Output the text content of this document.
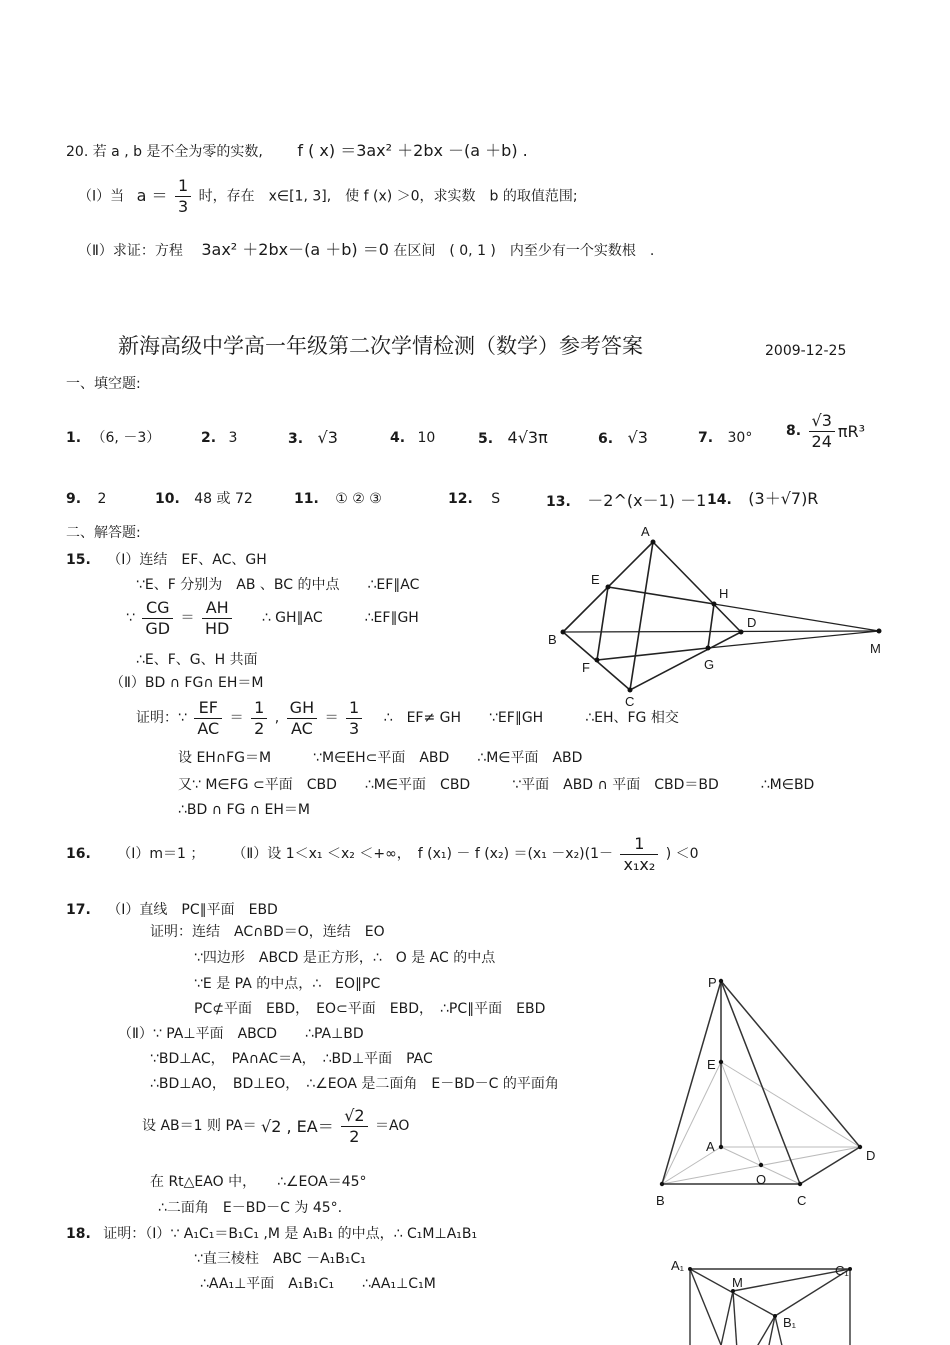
20. 若 a , b 是不全为零的实数, f ( x) ＝3ax² ＋2bx －(a ＋b) .
（Ⅰ）当 $a = \frac{1}{3}$ 时，存在　x∈[1, 3],　使 f (x) ＞0，求实数　b 的取值范围;
（Ⅱ）求证：方程 3ax² ＋2bx－(a ＋b) ＝0 在区间　( 0, 1 )　内至少有一个实数根　.
新海高级中学高一年级第二次学情检测（数学）参考答案	2009-12-25
一、填空题:
1. （6, －3）	2. 3	3. √3	4. 10	5. 4√3π	6. √3	7. 30° 8. $\frac{√3}{24} \pi R^3$
9. 2	10. 48 或 72	11. ① ② ③	12. S	13. －2^(x－1) －1 14. (3＋√7)R
二、解答题:
15. （Ⅰ）连结　EF、AC、GH
∵E、F 分别为　AB 、BC 的中点　　∴EF∥AC
∵ $\frac{CG}{GD} = \frac{AH}{HD}$ ∴ GH∥AC　　　∴EF∥GH
∴E、F、G、H 共面
（Ⅱ）BD ∩ FG∩ EH＝M
证明：∵ $\frac{EF}{AC} = \frac{1}{2}$ , $\frac{GH}{AC} = \frac{1}{3}$ ∴　EF≠ GH　　∵EF∥GH　　　∴EH、FG 相交
设 EH∩FG＝M　　　∵M∈EH⊂平面　ABD　　∴M∈平面　ABD
又∵ M∈FG ⊂平面　CBD　　∴M∈平面　CBD　　　∵平面　ABD ∩ 平面　CBD＝BD　　　∴M∈BD
∴BD ∩ FG ∩ EH＝M
A
B
C
D
E
F	G
H
M
16. （Ⅰ）m＝1 ；　　　（Ⅱ）设 1＜x₁ ＜x₂ ＜+∞，　f (x₁) － f $(x_2) =(x_1 -x_2)(1- \frac{1}{\text{x₁x₂}}$ ) ＜0
17. （Ⅰ）直线　PC∥平面　EBD
证明：连结　AC∩BD＝O，连结　EO
∵四边形　ABCD 是正方形，∴　O 是 AC 的中点
∵E 是 PA 的中点，∴　EO∥PC
PC⊄平面　EBD，　EO⊂平面　EBD，　∴PC∥平面　EBD
（Ⅱ）∵ PA⊥平面　ABCD　　∴PA⊥BD
∵BD⊥AC，　PA∩AC＝A，　∴BD⊥平面　PAC
∴BD⊥AO，　BD⊥EO，　∴∠EOA 是二面角　E－BD－C 的平面角
设 AB＝1 则 PA＝ √2 , $EA= \frac{√2}{2} =AO$
在 Rt△EAO 中，　　∴∠EOA＝45°
∴二面角　E－BD－C 为 45°.
P
E
A
B	C
D
O
18. 证明：（Ⅰ）∵ A₁C₁＝B₁C₁ ,M 是 A₁B₁ 的中点，∴ C₁M⊥A₁B₁
∵直三棱柱　ABC －A₁B₁C₁
∴AA₁⊥平面　A₁B₁C₁　　∴AA₁⊥C₁M
A₁	C₁
M
B₁
